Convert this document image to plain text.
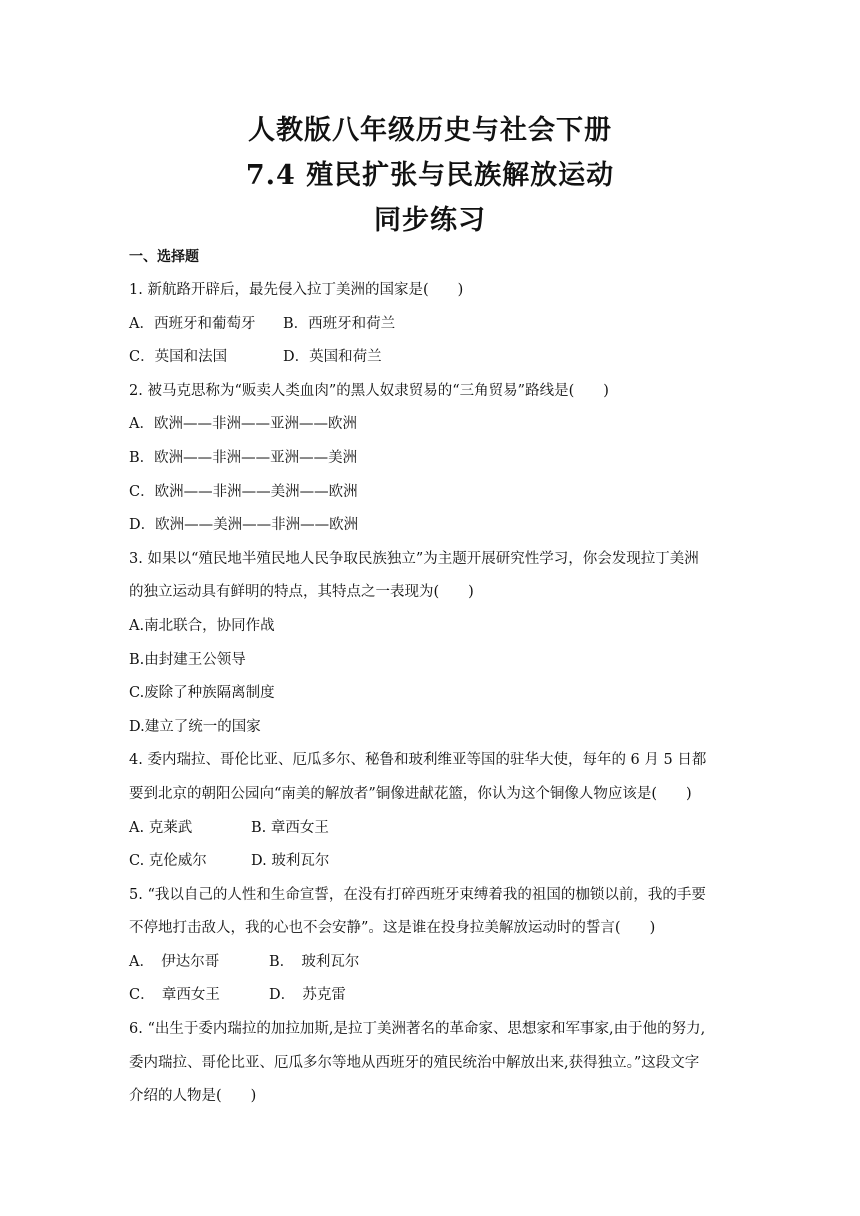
人教版八年级历史与社会下册
7.4 殖民扩张与民族解放运动
同步练习
一、选择题
1. 新航路开辟后，最先侵入拉丁美洲的国家是(　　)
A．西班牙和葡萄牙	B．西班牙和荷兰
C．英国和法国	D．英国和荷兰
2. 被马克思称为“贩卖人类血肉”的黑人奴隶贸易的“三角贸易”路线是(　　)
A．欧洲——非洲——亚洲——欧洲
B．欧洲——非洲——亚洲——美洲
C．欧洲——非洲——美洲——欧洲
D．欧洲——美洲——非洲——欧洲
3. 如果以“殖民地半殖民地人民争取民族独立”为主题开展研究性学习，你会发现拉丁美洲
的独立运动具有鲜明的特点，其特点之一表现为(　　)
A.南北联合，协同作战
B.由封建王公领导
C.废除了种族隔离制度
D.建立了统一的国家
4. 委内瑞拉、哥伦比亚、厄瓜多尔、秘鲁和玻利维亚等国的驻华大使，每年的 6 月 5 日都
要到北京的朝阳公园向“南美的解放者”铜像进献花篮，你认为这个铜像人物应该是(　　)
A. 克莱武	B. 章西女王
C. 克伦威尔	D. 玻利瓦尔
5. “我以自己的人性和生命宣誓，在没有打碎西班牙束缚着我的祖国的枷锁以前，我的手要
不停地打击敌人，我的心也不会安静”。这是谁在投身拉美解放运动时的誓言(　　)
A．　伊达尔哥	B．　玻利瓦尔
C．　章西女王	D．　苏克雷
6. “出生于委内瑞拉的加拉加斯,是拉丁美洲著名的革命家、思想家和军事家,由于他的努力,
委内瑞拉、哥伦比亚、厄瓜多尔等地从西班牙的殖民统治中解放出来,获得独立。”这段文字
介绍的人物是(　　)
